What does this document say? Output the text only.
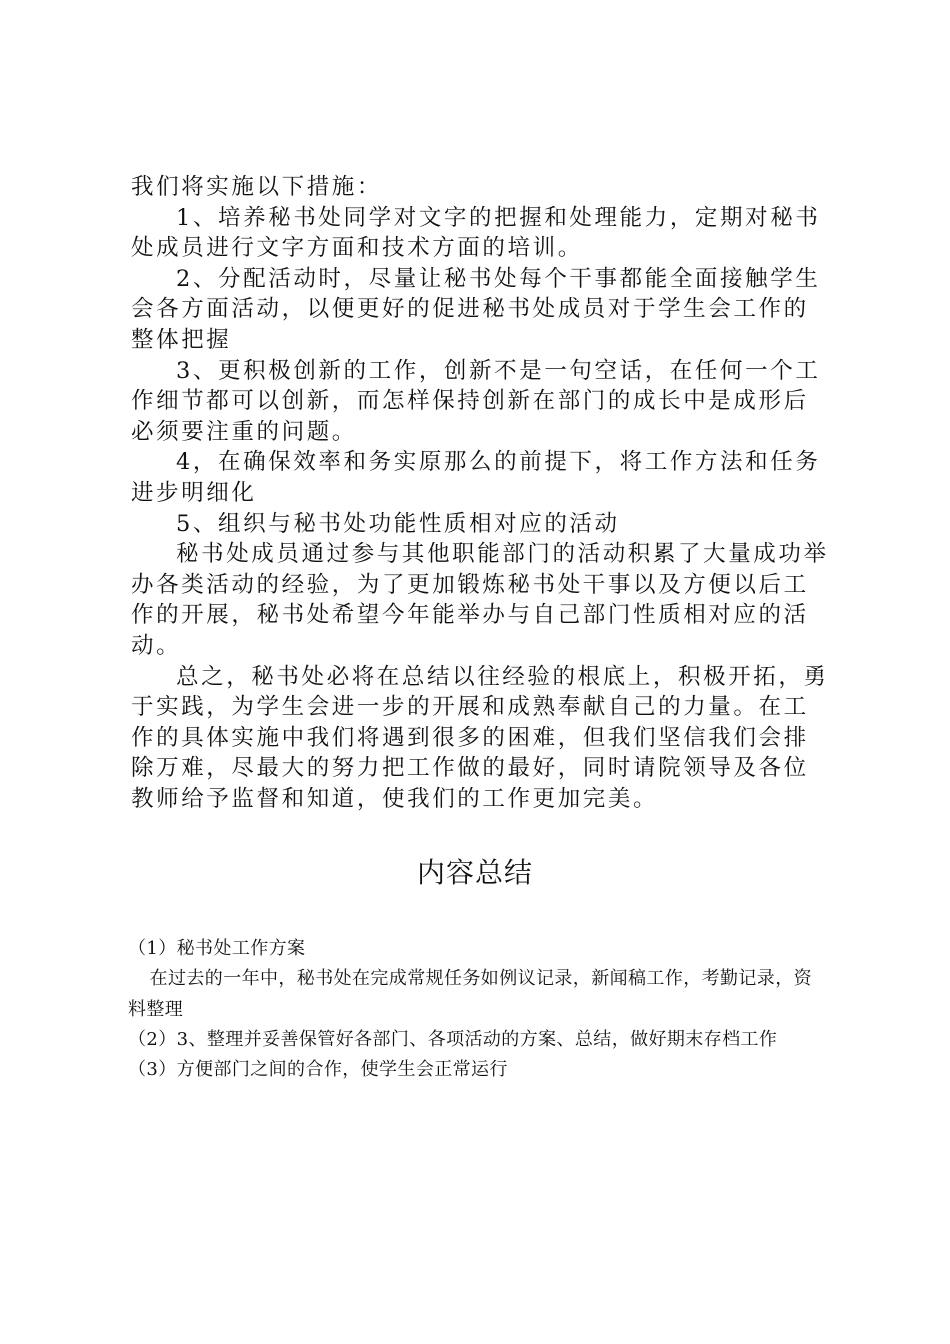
我们将实施以下措施：

1、培养秘书处同学对文字的把握和处理能力，定期对秘书处成员进行文字方面和技术方面的培训。

2、分配活动时，尽量让秘书处每个干事都能全面接触学生会各方面活动，以便更好的促进秘书处成员对于学生会工作的整体把握

3、更积极创新的工作，创新不是一句空话，在任何一个工作细节都可以创新，而怎样保持创新在部门的成长中是成形后必须要注重的问题。

4，在确保效率和务实原那么的前提下，将工作方法和任务进步明细化

5、组织与秘书处功能性质相对应的活动

秘书处成员通过参与其他职能部门的活动积累了大量成功举办各类活动的经验，为了更加锻炼秘书处干事以及方便以后工作的开展，秘书处希望今年能举办与自己部门性质相对应的活动。

总之，秘书处必将在总结以往经验的根底上，积极开拓，勇于实践，为学生会进一步的开展和成熟奉献自己的力量。在工作的具体实施中我们将遇到很多的困难，但我们坚信我们会排除万难，尽最大的努力把工作做的最好，同时请院领导及各位教师给予监督和知道，使我们的工作更加完美。

内容总结

（1）秘书处工作方案

在过去的一年中，秘书处在完成常规任务如例议记录，新闻稿工作，考勤记录，资料整理

（2）3、整理并妥善保管好各部门、各项活动的方案、总结，做好期末存档工作

（3）方便部门之间的合作，使学生会正常运行
